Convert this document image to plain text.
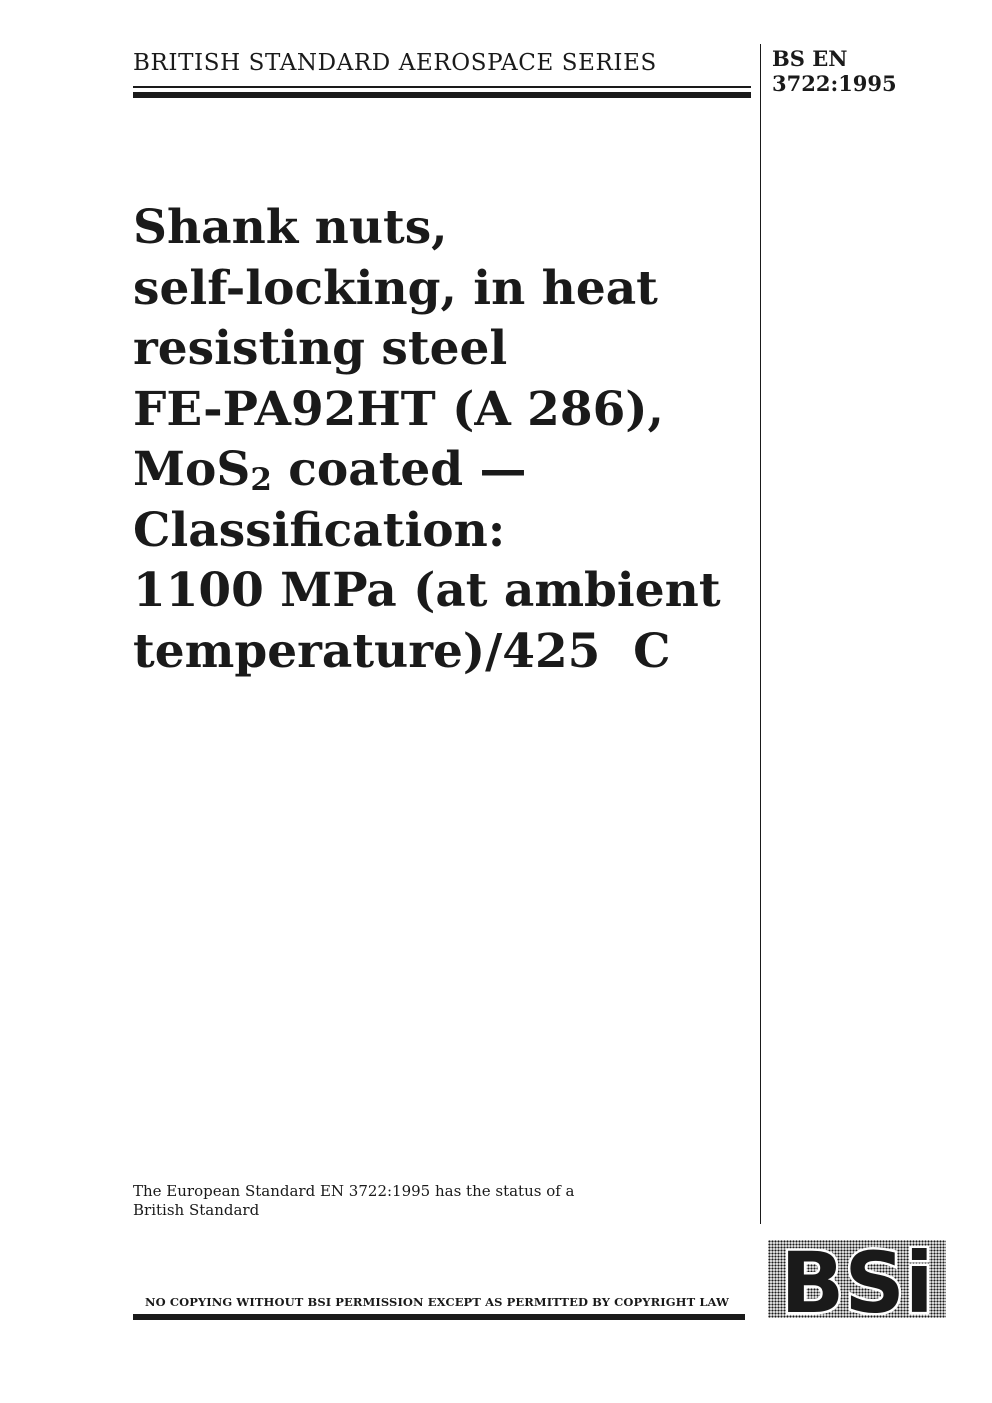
BRITISH STANDARD AEROSPACE SERIES	BS EN
3722:1995
Shank nuts,
self-locking, in heat
resisting steel
FE-PA92HT (A 286),
MoS$_2$ coated —
Classification:
1100 MPa (at ambient
temperature)/425  C
The European Standard EN 3722:1995 has the status of a
British Standard
NO COPYING WITHOUT BSI PERMISSION EXCEPT AS PERMITTED BY COPYRIGHT LAW BSi
